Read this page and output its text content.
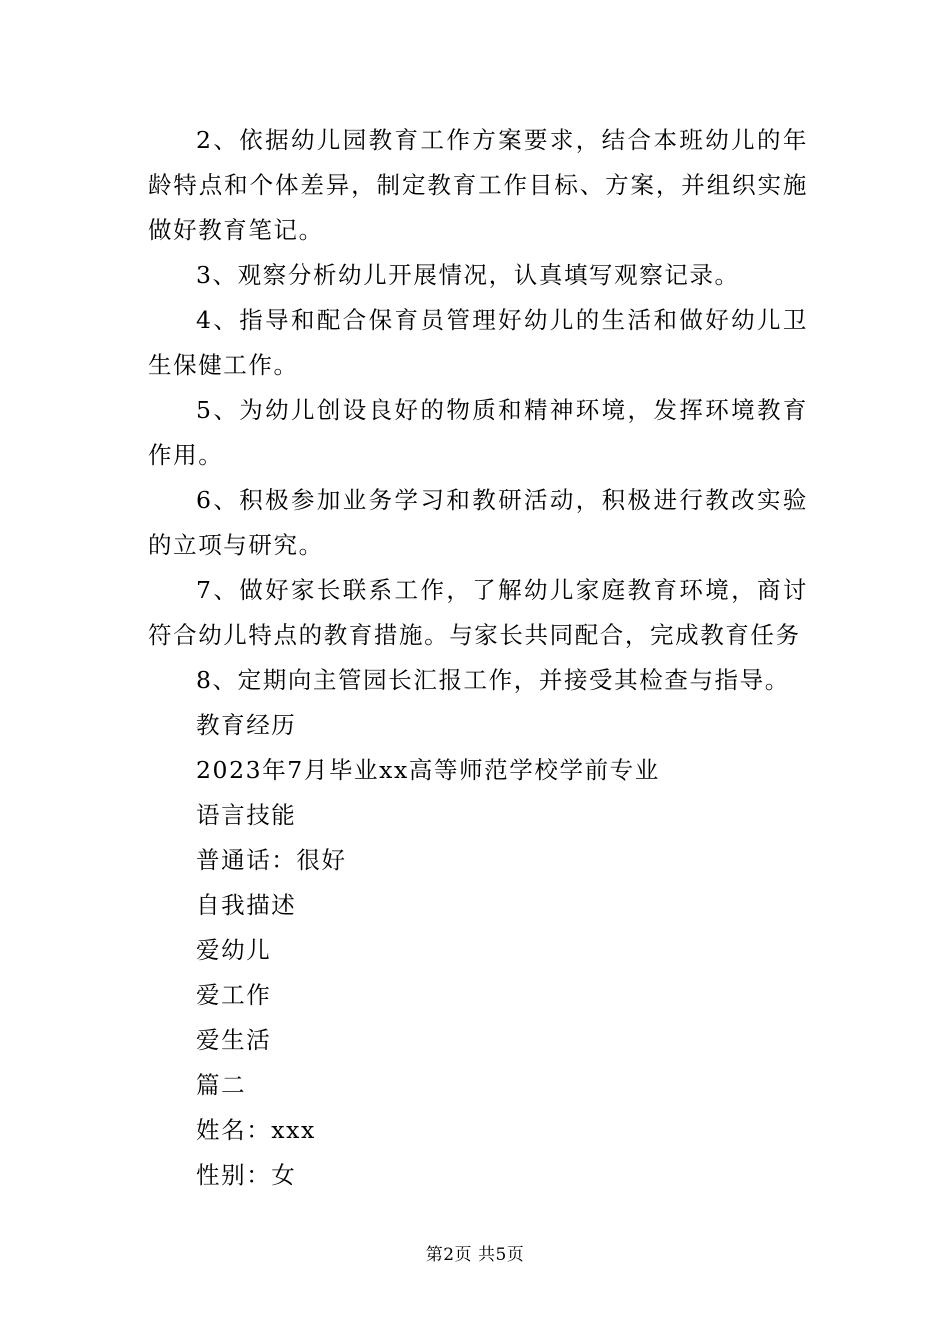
2、依据幼儿园教育工作方案要求，结合本班幼儿的年龄特点和个体差异，制定教育工作目标、方案，并组织实施做好教育笔记。

3、观察分析幼儿开展情况，认真填写观察记录。

4、指导和配合保育员管理好幼儿的生活和做好幼儿卫生保健工作。

5、为幼儿创设良好的物质和精神环境，发挥环境教育作用。

6、积极参加业务学习和教研活动，积极进行教改实验的立项与研究。

7、做好家长联系工作，了解幼儿家庭教育环境，商讨符合幼儿特点的教育措施。与家长共同配合，完成教育任务

8、定期向主管园长汇报工作，并接受其检查与指导。

教育经历

2023年7月毕业xx高等师范学校学前专业

语言技能

普通话：很好

自我描述

爱幼儿

爱工作

爱生活

篇二

姓名：xxx

性别：女

第2页 共5页
